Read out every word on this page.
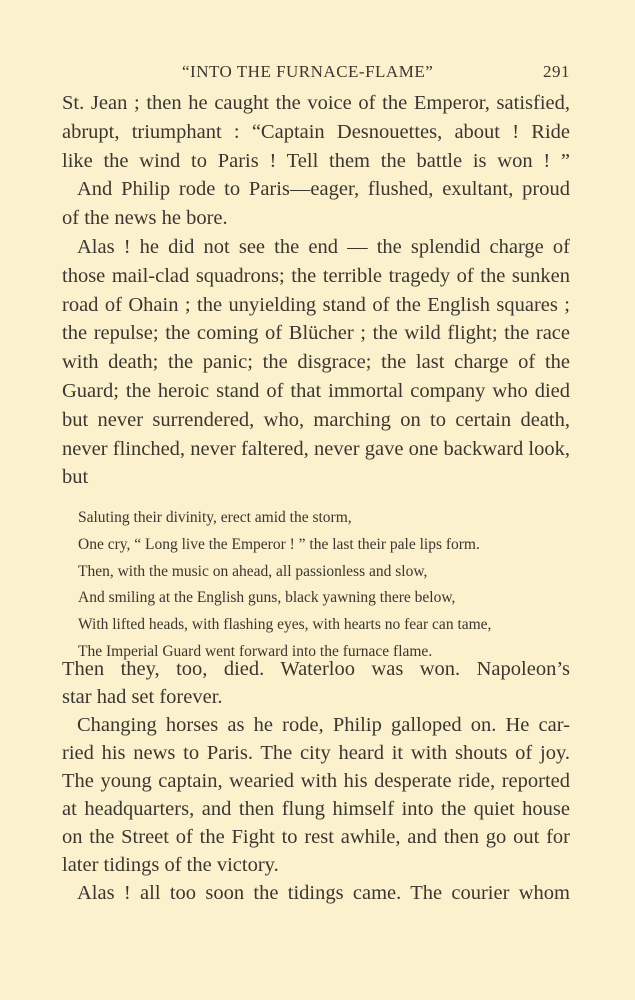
“INTO THE FURNACE-FLAME”	291
St. Jean ; then he caught the voice of the Emperor, satisfied,
abrupt, triumphant : “Captain Desnouettes, about ! Ride
like the wind to Paris ! Tell them the battle is won ! ”
And Philip rode to Paris—eager, flushed, exultant, proud
of the news he bore.
Alas ! he did not see the end — the splendid charge of
those mail-clad squadrons; the terrible tragedy of the sunken
road of Ohain ; the unyielding stand of the English squares ;
the repulse; the coming of Blücher ; the wild flight; the race
with death; the panic; the disgrace; the last charge of the
Guard; the heroic stand of that immortal company who died
but never surrendered, who, marching on to certain death,
never flinched, never faltered, never gave one backward look,
but
Saluting their divinity, erect amid the storm,
One cry, “ Long live the Emperor ! ” the last their pale lips form.
Then, with the music on ahead, all passionless and slow,
And smiling at the English guns, black yawning there below,
With lifted heads, with flashing eyes, with hearts no fear can tame,
The Imperial Guard went forward into the furnace flame.
Then they, too, died. Waterloo was won. Napoleon’s
star had set forever.
Changing horses as he rode, Philip galloped on. He car-
ried his news to Paris. The city heard it with shouts of joy.
The young captain, wearied with his desperate ride, reported
at headquarters, and then flung himself into the quiet house
on the Street of the Fight to rest awhile, and then go out for
later tidings of the victory.
Alas ! all too soon the tidings came. The courier whom
